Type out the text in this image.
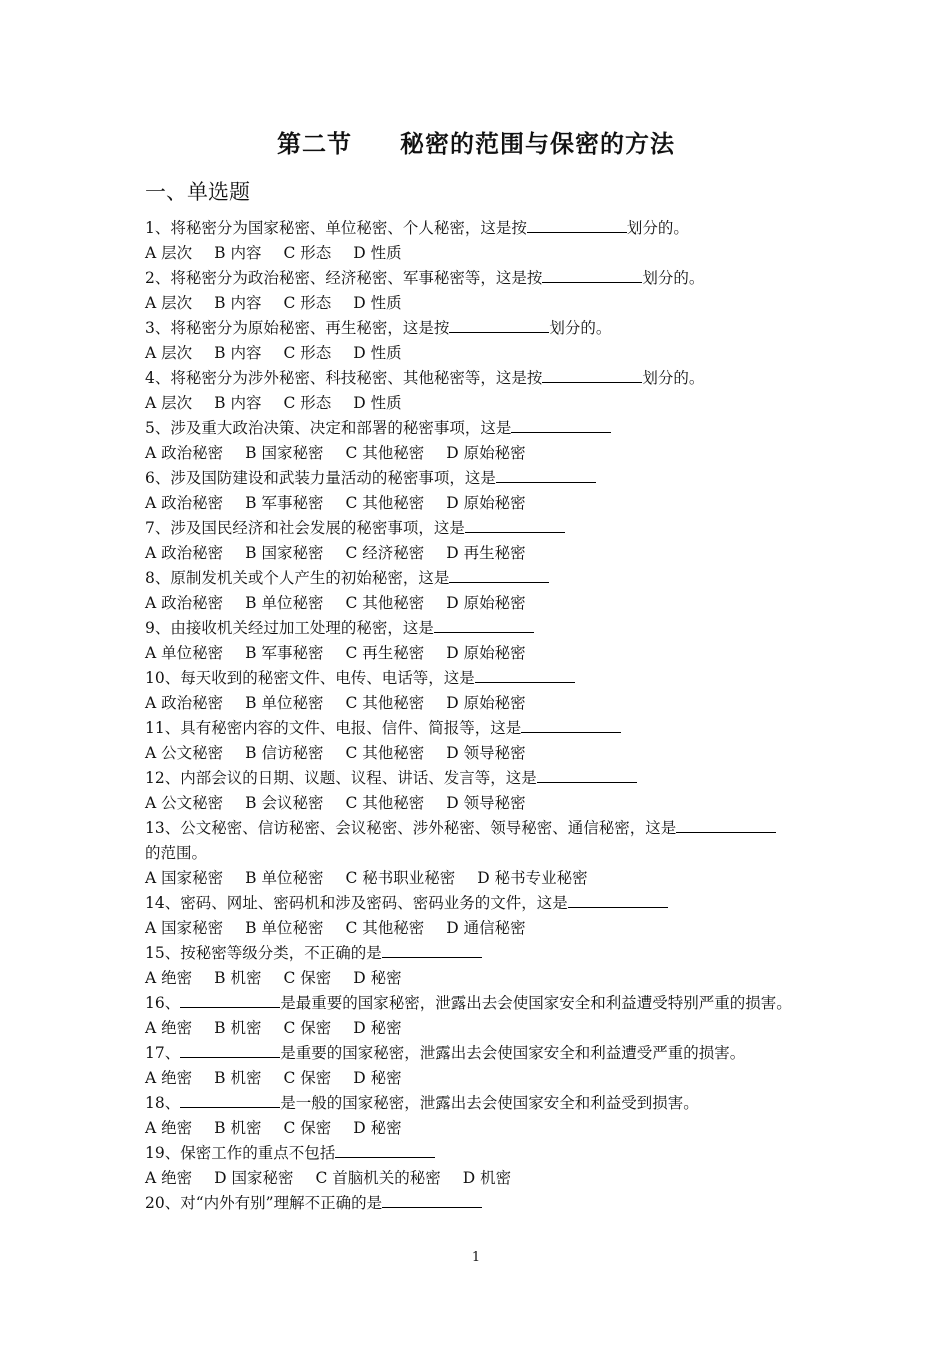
第二节 秘密的范围与保密的方法
一、单选题
1、将秘密分为国家秘密、单位秘密、个人秘密，这是按	划分的。
A 层次 B 内容 C 形态 D 性质
2、将秘密分为政治秘密、经济秘密、军事秘密等，这是按	划分的。
A 层次 B 内容 C 形态 D 性质
3、将秘密分为原始秘密、再生秘密，这是按	划分的。
A 层次 B 内容 C 形态 D 性质
4、将秘密分为涉外秘密、科技秘密、其他秘密等，这是按	划分的。
A 层次 B 内容 C 形态 D 性质
5、涉及重大政治决策、决定和部署的秘密事项，这是
A 政治秘密 B 国家秘密 C 其他秘密 D 原始秘密
6、涉及国防建设和武装力量活动的秘密事项，这是
A 政治秘密 B 军事秘密 C 其他秘密 D 原始秘密
7、涉及国民经济和社会发展的秘密事项，这是
A 政治秘密 B 国家秘密 C 经济秘密 D 再生秘密
8、原制发机关或个人产生的初始秘密，这是
A 政治秘密 B 单位秘密 C 其他秘密 D 原始秘密
9、由接收机关经过加工处理的秘密，这是
A 单位秘密 B 军事秘密 C 再生秘密 D 原始秘密
10、每天收到的秘密文件、电传、电话等，这是
A 政治秘密 B 单位秘密 C 其他秘密 D 原始秘密
11、具有秘密内容的文件、电报、信件、简报等，这是
A 公文秘密 B 信访秘密 C 其他秘密 D 领导秘密
12、内部会议的日期、议题、议程、讲话、发言等，这是
A 公文秘密 B 会议秘密 C 其他秘密 D 领导秘密
13、公文秘密、信访秘密、会议秘密、涉外秘密、领导秘密、通信秘密，这是
的范围。
A 国家秘密 B 单位秘密 C 秘书职业秘密 D 秘书专业秘密
14、密码、网址、密码机和涉及密码、密码业务的文件，这是
A 国家秘密 B 单位秘密 C 其他秘密 D 通信秘密
15、按秘密等级分类，不正确的是
A 绝密 B 机密 C 保密 D 秘密
16、	是最重要的国家秘密，泄露出去会使国家安全和利益遭受特别严重的损害。
A 绝密 B 机密 C 保密 D 秘密
17、	是重要的国家秘密，泄露出去会使国家安全和利益遭受严重的损害。
A 绝密 B 机密 C 保密 D 秘密
18、	是一般的国家秘密，泄露出去会使国家安全和利益受到损害。
A 绝密 B 机密 C 保密 D 秘密
19、保密工作的重点不包括
A 绝密 D 国家秘密 C 首脑机关的秘密 D 机密
20、对“内外有别”理解不正确的是
1
